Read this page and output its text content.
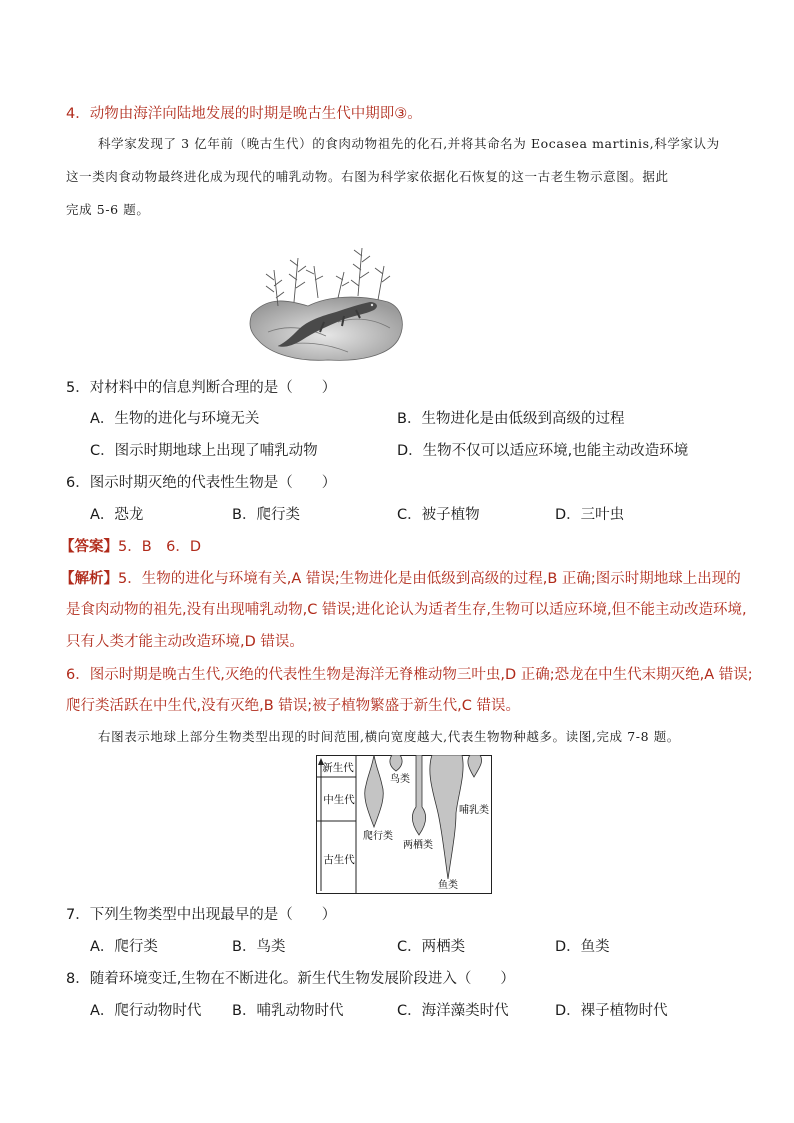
4．动物由海洋向陆地发展的时期是晚古生代中期即③。
科学家发现了 3 亿年前（晚古生代）的食肉动物祖先的化石,并将其命名为 Eocasea martinis,科学家认为
这一类肉食动物最终进化成为现代的哺乳动物。右图为科学家依据化石恢复的这一古老生物示意图。据此
完成 5-6 题。
5．对材料中的信息判断合理的是（　　）
A．生物的进化与环境无关	B．生物进化是由低级到高级的过程
C．图示时期地球上出现了哺乳动物	D．生物不仅可以适应环境,也能主动改造环境
6．图示时期灭绝的代表性生物是（　　）
A．恐龙	B．爬行类	C．被子植物	D．三叶虫
【答案】5．B　6．D
【解析】5．生物的进化与环境有关,A 错误;生物进化是由低级到高级的过程,B 正确;图示时期地球上出现的
是食肉动物的祖先,没有出现哺乳动物,C 错误;进化论认为适者生存,生物可以适应环境,但不能主动改造环境,
只有人类才能主动改造环境,D 错误。
6．图示时期是晚古生代,灭绝的代表性生物是海洋无脊椎动物三叶虫,D 正确;恐龙在中生代末期灭绝,A 错误;
爬行类活跃在中生代,没有灭绝,B 错误;被子植物繁盛于新生代,C 错误。
右图表示地球上部分生物类型出现的时间范围,横向宽度越大,代表生物物种越多。读图,完成 7-8 题。
新生代
中生代
古生代
鸟类
哺乳类
爬行类
两栖类
鱼类
7．下列生物类型中出现最早的是（　　）
A．爬行类	B．鸟类	C．两栖类	D．鱼类
8．随着环境变迁,生物在不断进化。新生代生物发展阶段进入（　　）
A．爬行动物时代 B．哺乳动物时代	C．海洋藻类时代	D．裸子植物时代
